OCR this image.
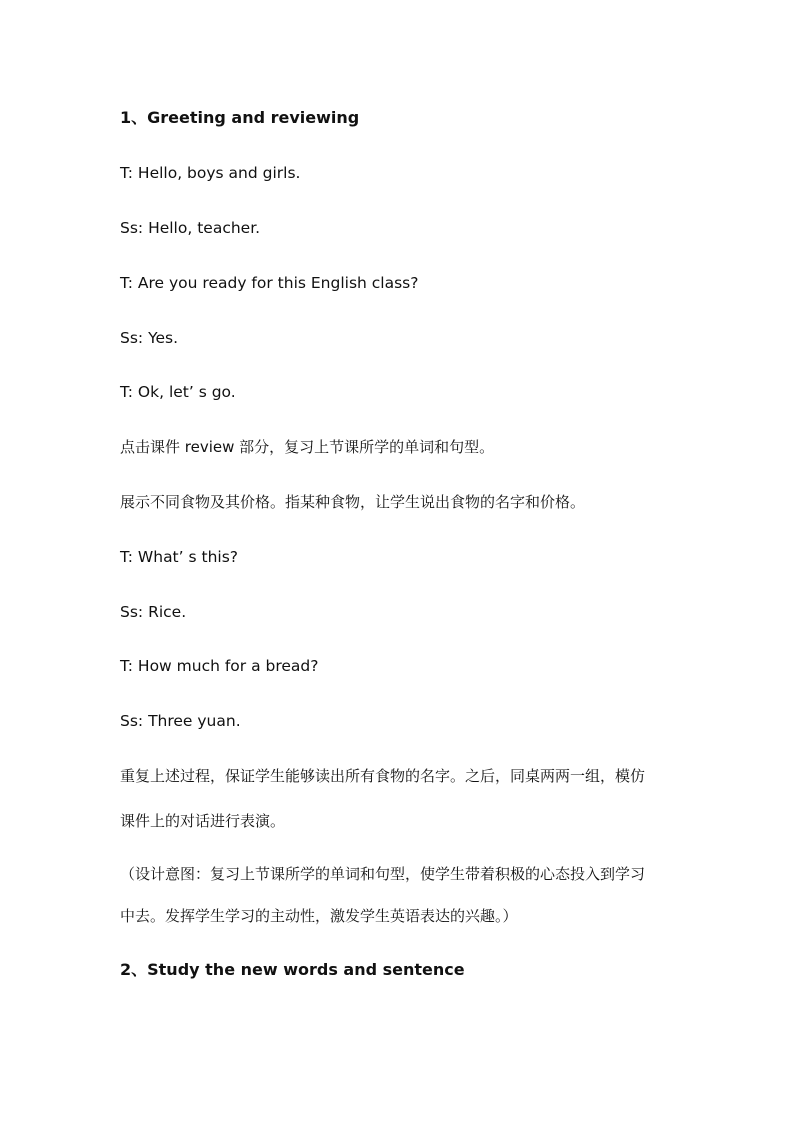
1、Greeting and reviewing
T: Hello, boys and girls.
Ss: Hello, teacher.
T: Are you ready for this English class?
Ss: Yes.
T: Ok, let’ s go.
点击课件 review 部分，复习上节课所学的单词和句型。
展示不同食物及其价格。指某种食物，让学生说出食物的名字和价格。
T: What’ s this?
Ss: Rice.
T: How much for a bread?
Ss: Three yuan.
重复上述过程，保证学生能够读出所有食物的名字。之后，同桌两两一组，模仿
课件上的对话进行表演。
（设计意图：复习上节课所学的单词和句型，使学生带着积极的心态投入到学习
中去。发挥学生学习的主动性，激发学生英语表达的兴趣。）
2、Study the new words and sentence
